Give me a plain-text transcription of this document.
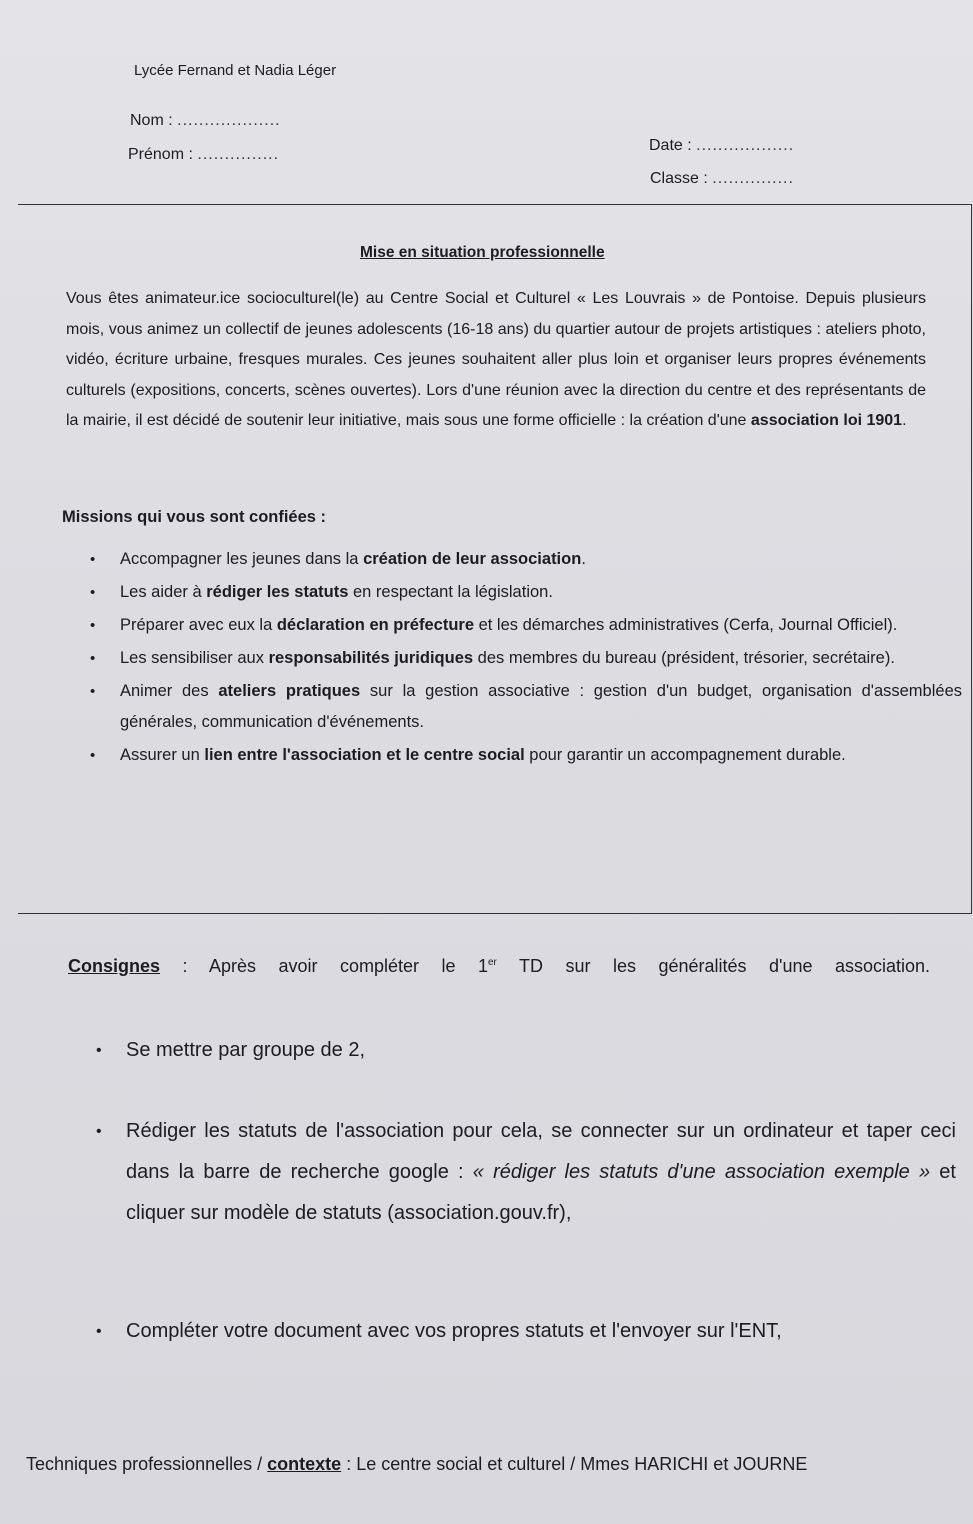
Lycée Fernand et Nadia Léger
Nom : ...................
Prénom : ...............
Date : ..................
Classe : ...............
Mise en situation professionnelle
Vous êtes animateur.ice socioculturel(le) au Centre Social et Culturel « Les Louvrais » de Pontoise. Depuis plusieurs mois, vous animez un collectif de jeunes adolescents (16-18 ans) du quartier autour de projets artistiques : ateliers photo, vidéo, écriture urbaine, fresques murales. Ces jeunes souhaitent aller plus loin et organiser leurs propres événements culturels (expositions, concerts, scènes ouvertes). Lors d'une réunion avec la direction du centre et des représentants de la mairie, il est décidé de soutenir leur initiative, mais sous une forme officielle : la création d'une association loi 1901.
Missions qui vous sont confiées :
•	Accompagner les jeunes dans la création de leur association.
•	Les aider à rédiger les statuts en respectant la législation.
•	Préparer avec eux la déclaration en préfecture et les démarches administratives (Cerfa, Journal Officiel).
•	Les sensibiliser aux responsabilités juridiques des membres du bureau (président, trésorier, secrétaire).
•	Animer des ateliers pratiques sur la gestion associative : gestion d'un budget, organisation d'assemblées générales, communication d'événements.
•	Assurer un lien entre l'association et le centre social pour garantir un accompagnement durable.
Consignes : Après avoir compléter le 1er TD sur les généralités d'une association.
•	Se mettre par groupe de 2,
•	Rédiger les statuts de l'association pour cela, se connecter sur un ordinateur et taper ceci dans la barre de recherche google : « rédiger les statuts d'une association exemple » et cliquer sur modèle de statuts (association.gouv.fr),
•	Compléter votre document avec vos propres statuts et l'envoyer sur l'ENT,
Techniques professionnelles / contexte : Le centre social et culturel / Mmes HARICHI et JOURNE
